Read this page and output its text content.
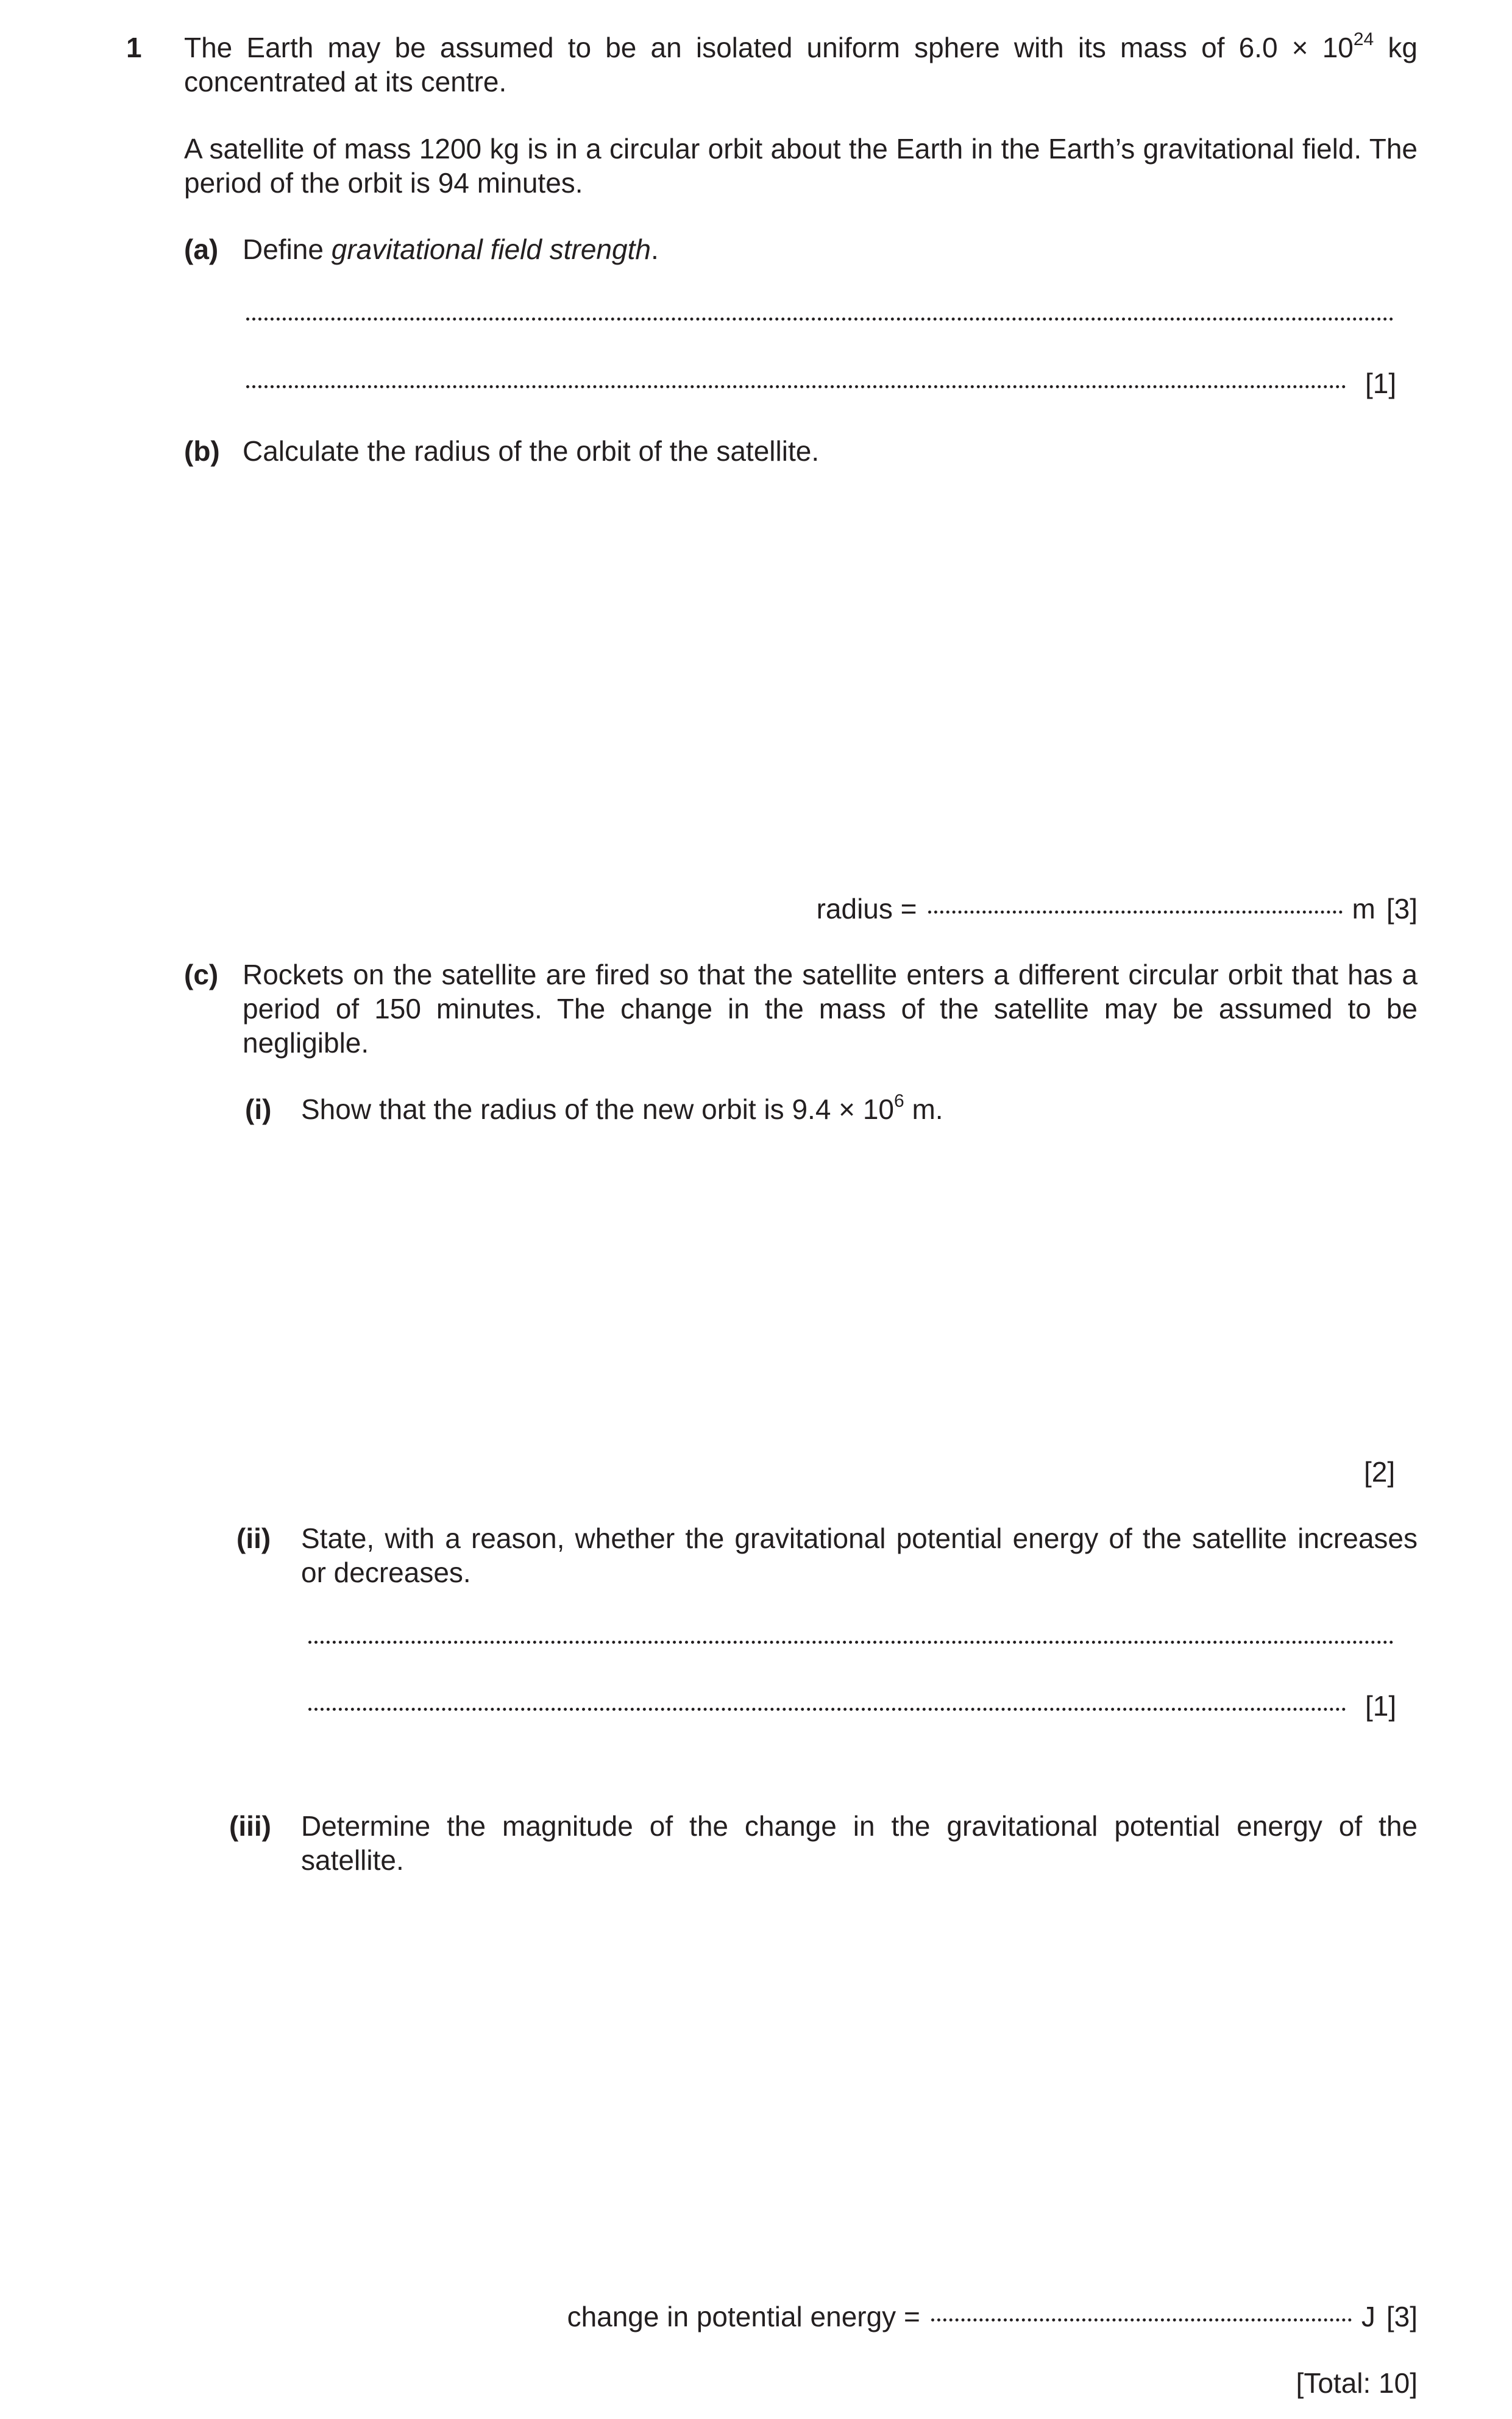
1 The Earth may be assumed to be an isolated uniform sphere with its mass of $6.0 \times 10^{24}$ kg concentrated at its centre.
A satellite of mass 1200 kg is in a circular orbit about the Earth in the Earth’s gravitational field. The period of the orbit is 94 minutes.
(a) Define gravitational field strength.
[1]
(b) Calculate the radius of the orbit of the satellite.
radius =	m [3]
(c) Rockets on the satellite are fired so that the satellite enters a different circular orbit that has a period of 150 minutes. The change in the mass of the satellite may be assumed to be negligible.
(i) Show that the radius of the new orbit is $9.4 \times 10^6$ m.
[2]
(ii) State, with a reason, whether the gravitational potential energy of the satellite increases or decreases.
[1]
(iii) Determine the magnitude of the change in the gravitational potential energy of the satellite.
change in potential energy =	J [3]
[Total: 10]
